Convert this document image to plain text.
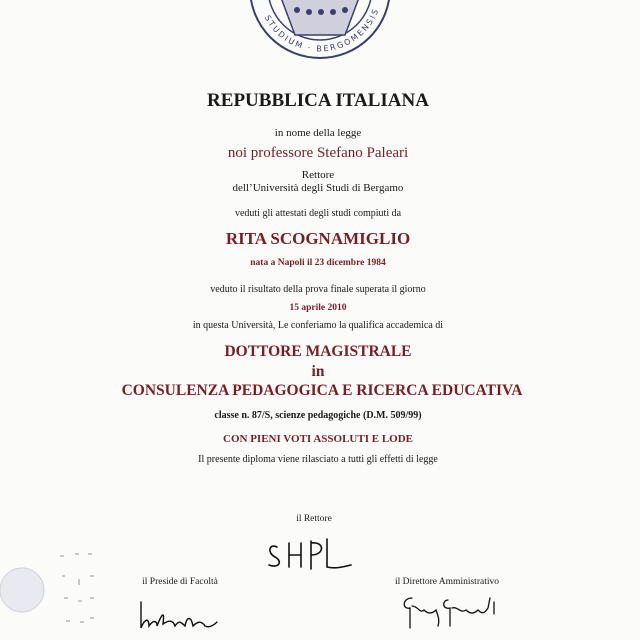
STUDIUM · BERGOMENSIS
REPUBBLICA ITALIANA
in nome della legge
noi professore Stefano Paleari
Rettore
dell’Università degli Studi di Bergamo
veduti gli attestati degli studi compiuti da
RITA SCOGNAMIGLIO
nata a Napoli il 23 dicembre 1984
veduto il risultato della prova finale superata il giorno
15 aprile 2010
in questa Università, Le conferiamo la qualifica accademica di
DOTTORE MAGISTRALE
in
CONSULENZA PEDAGOGICA E RICERCA EDUCATIVA
classe n. 87/S, scienze pedagogiche (D.M. 509/99)
CON PIENI VOTI ASSOLUTI E LODE
Il presente diploma viene rilasciato a tutti gli effetti di legge
il Rettore
il Preside di Facoltà	il Direttore Amministrativo
